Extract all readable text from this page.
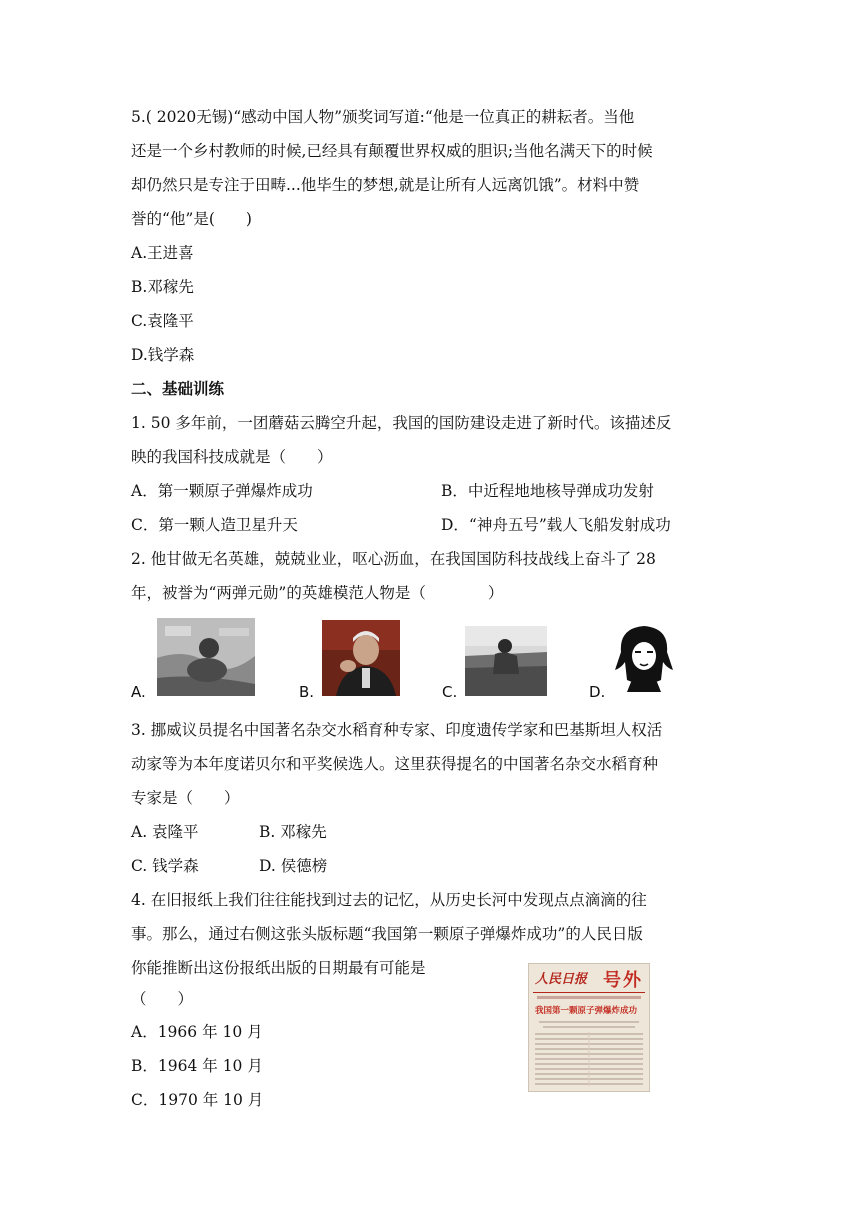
5.( 2020无锡)“感动中国人物”颁奖词写道:“他是一位真正的耕耘者。当他
还是一个乡村教师的时候,已经具有颠覆世界权威的胆识;当他名满天下的时候
却仍然只是专注于田畴...他毕生的梦想,就是让所有人远离饥饿”。材料中赞
誉的“他”是(　　)
A.王进喜
B.邓稼先
C.袁隆平
D.钱学森
二、基础训练
1. 50 多年前，一团蘑菇云腾空升起，我国的国防建设走进了新时代。该描述反
映的我国科技成就是（　　）
A．第一颗原子弹爆炸成功	B．中近程地地核导弹成功发射
C．第一颗人造卫星升天	D．“神舟五号”载人飞船发射成功
2. 他甘做无名英雄，兢兢业业，呕心沥血，在我国国防科技战线上奋斗了 28
年，被誉为“两弹元勋”的英雄模范人物是（　　　　）
A.	B.	C.	D.
3. 挪威议员提名中国著名杂交水稻育种专家、印度遗传学家和巴基斯坦人权活
动家等为本年度诺贝尔和平奖候选人。这里获得提名的中国著名杂交水稻育种
专家是（　　）
A. 袁隆平	B. 邓稼先
C. 钱学森	D. 侯德榜
4. 在旧报纸上我们往往能找到过去的记忆，从历史长河中发现点点滴滴的往
事。那么，通过右侧这张头版标题“我国第一颗原子弹爆炸成功”的人民日版
你能推断出这份报纸出版的日期最有可能是
（　　）
A．1966 年 10 月
B．1964 年 10 月
C．1970 年 10 月
人民日报 号外
我国第一颗原子弹爆炸成功
